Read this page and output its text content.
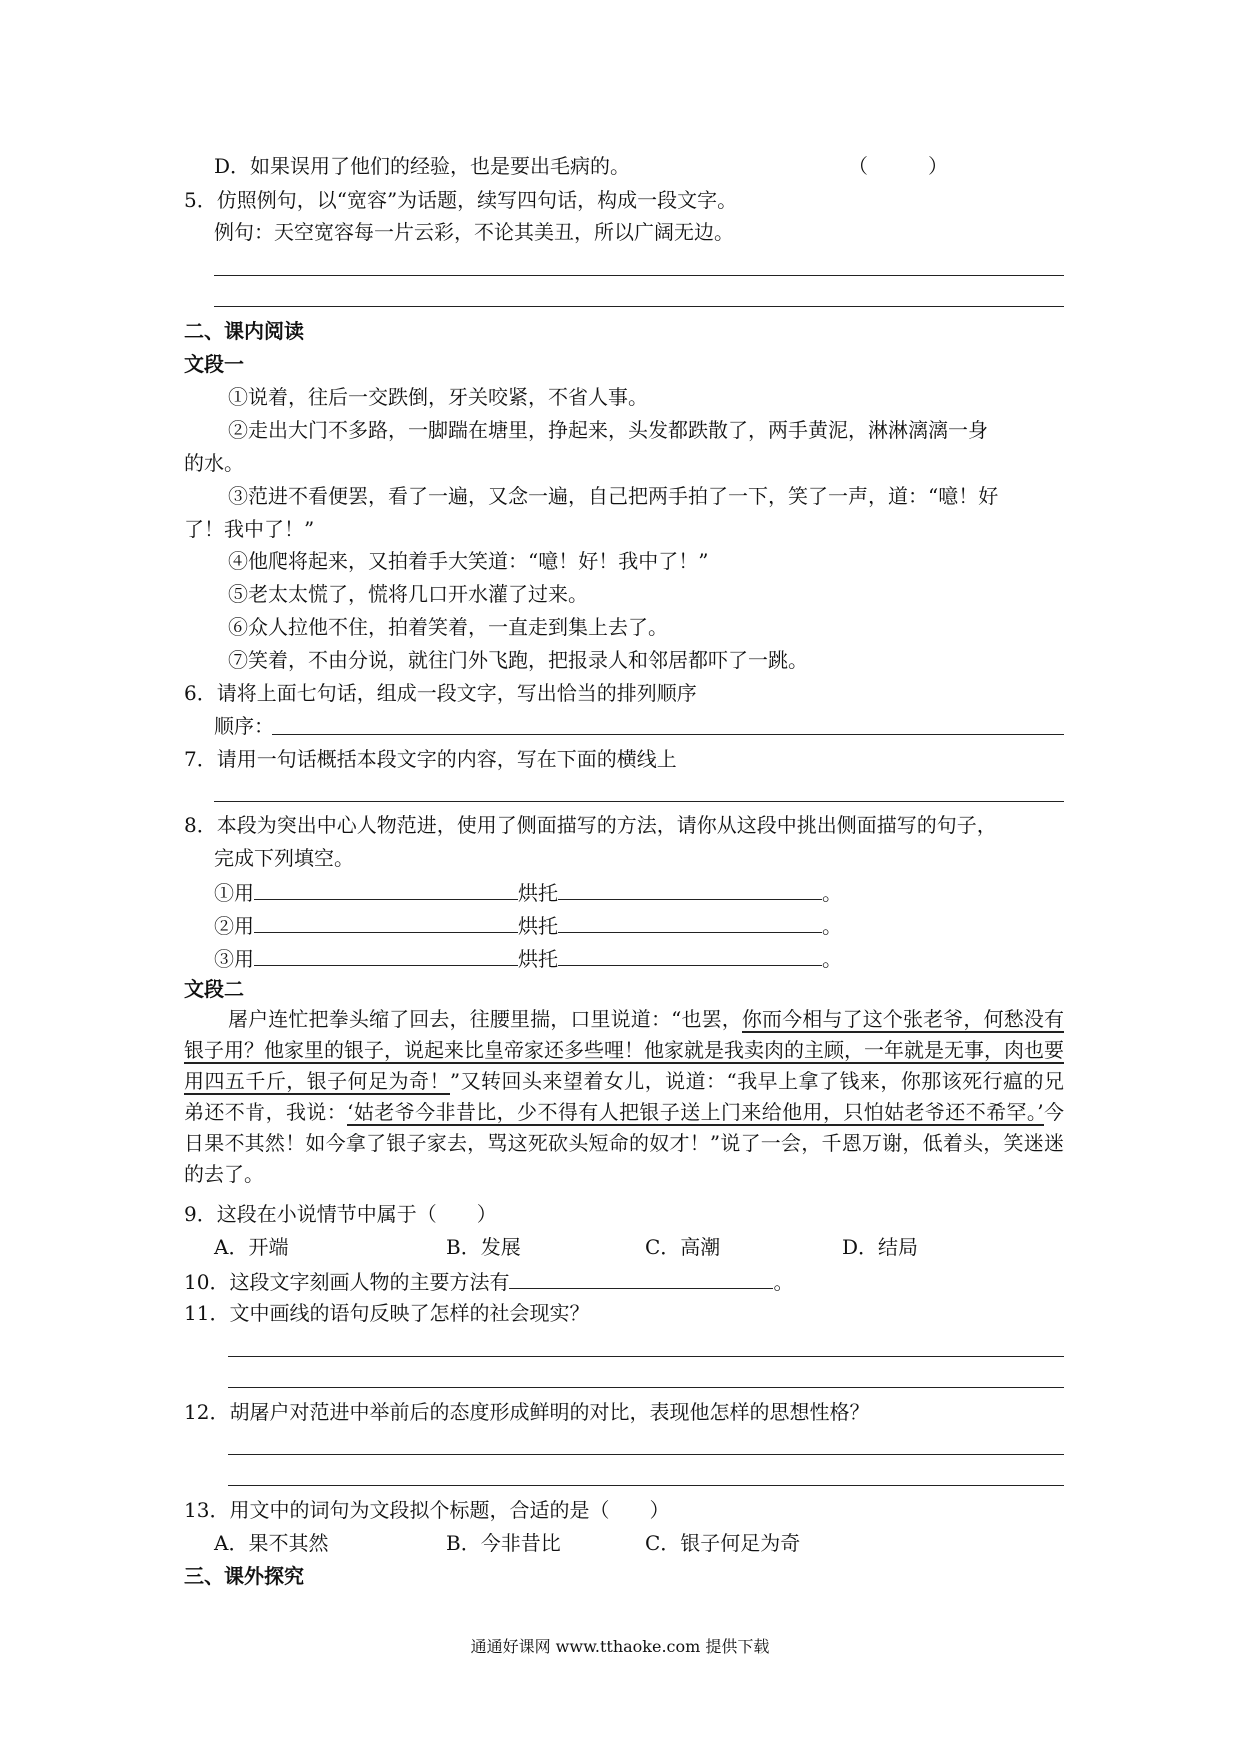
D．如果误用了他们的经验，也是要出毛病的。	（　　　）
5．仿照例句，以“宽容”为话题，续写四句话，构成一段文字。
例句：天空宽容每一片云彩，不论其美丑，所以广阔无边。
二、课内阅读
文段一
①说着，往后一交跌倒，牙关咬紧，不省人事。
②走出大门不多路，一脚踹在塘里，挣起来，头发都跌散了，两手黄泥，淋淋漓漓一身
的水。
③范进不看便罢，看了一遍，又念一遍，自己把两手拍了一下，笑了一声，道：“噫！好
了！我中了！”
④他爬将起来，又拍着手大笑道：“噫！好！我中了！”
⑤老太太慌了，慌将几口开水灌了过来。
⑥众人拉他不住，拍着笑着，一直走到集上去了。
⑦笑着，不由分说，就往门外飞跑，把报录人和邻居都吓了一跳。
6．请将上面七句话，组成一段文字，写出恰当的排列顺序
顺序：
7．请用一句话概括本段文字的内容，写在下面的横线上
8．本段为突出中心人物范进，使用了侧面描写的方法，请你从这段中挑出侧面描写的句子，
完成下列填空。
①用	烘托	。
②用	烘托	。
③用	烘托	。
文段二
屠户连忙把拳头缩了回去，往腰里揣，口里说道：“也罢，你而今相与了这个张老爷，何愁没有银子用？他家里的银子，说起来比皇帝家还多些哩！他家就是我卖肉的主顾，一年就是无事，肉也要用四五千斤，银子何足为奇！”又转回头来望着女儿，说道：“我早上拿了钱来，你那该死行瘟的兄弟还不肯，我说：‘姑老爷今非昔比，少不得有人把银子送上门来给他用，只怕姑老爷还不希罕。’今日果不其然！如今拿了银子家去，骂这死砍头短命的奴才！”说了一会，千恩万谢，低着头，笑迷迷的去了。
9．这段在小说情节中属于（　　）
A．开端	B．发展	C．高潮	D．结局
10．这段文字刻画人物的主要方法有	。
11．文中画线的语句反映了怎样的社会现实？
12．胡屠户对范进中举前后的态度形成鲜明的对比，表现他怎样的思想性格？
13．用文中的词句为文段拟个标题，合适的是（　　）
A．果不其然	B．今非昔比	C．银子何足为奇
三、课外探究
通通好课网 www.tthaoke.com 提供下载
